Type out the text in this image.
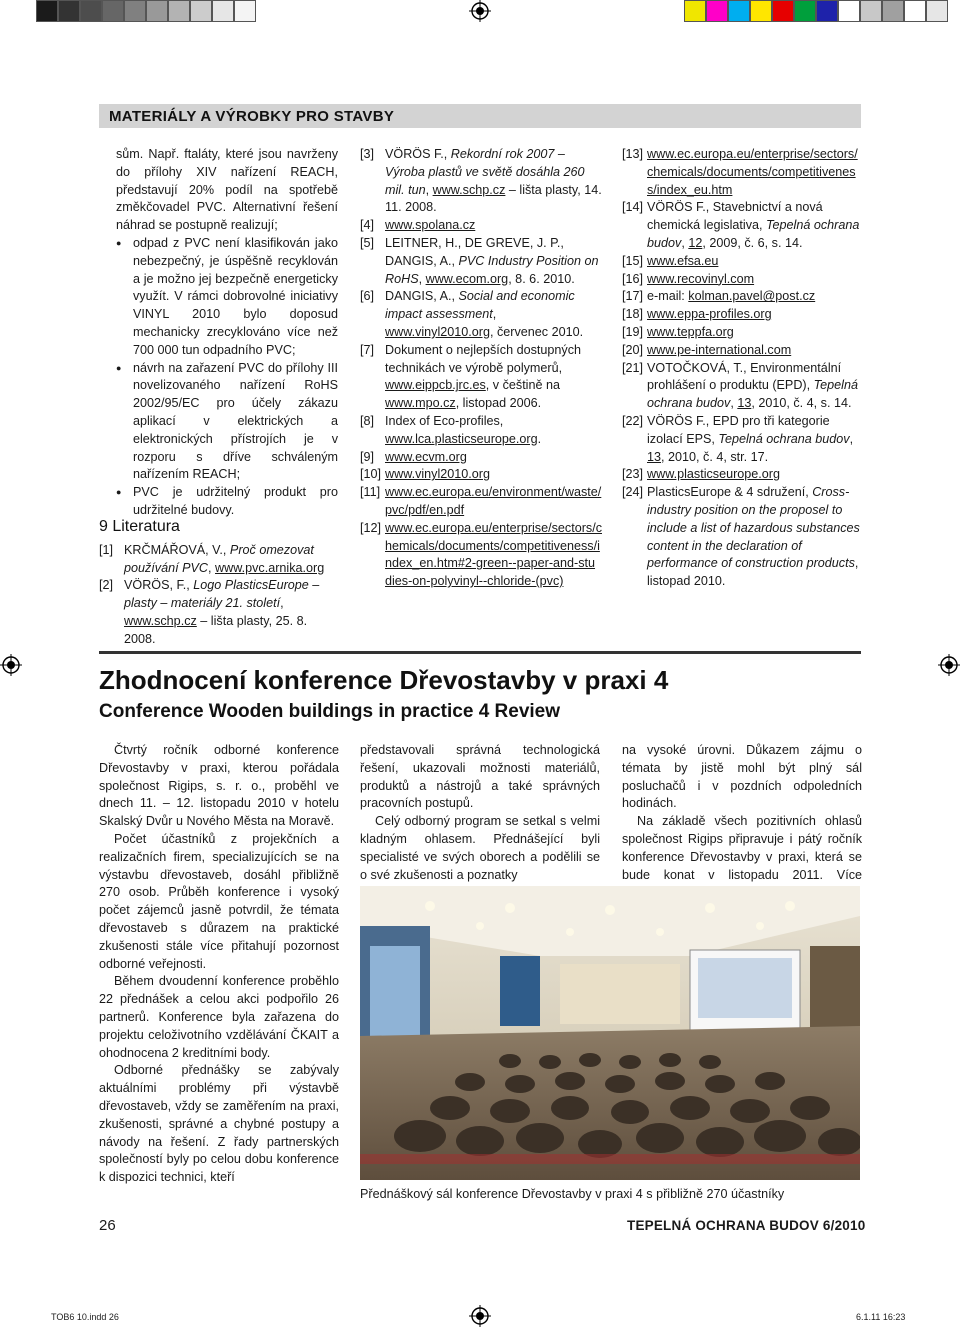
MATERIÁLY A VÝROBKY PRO STAVBY

sům. Např. ftaláty, které jsou navrženy do přílohy XIV nařízení REACH, představují 20% podíl na spotřebě změkčovadel PVC. Alternativní řešení náhrad se postupně realizují;

● odpad z PVC není klasifikován jako nebezpečný, je úspěšně recyklován a je možno jej bezpečně energeticky využít. V rámci dobrovolné iniciativy VINYL 2010 bylo doposud mechanicky zrecyklováno více než 700 000 tun odpadního PVC;

● návrh na zařazení PVC do přílohy III novelizovaného nařízení RoHS 2002/95/EC pro účely zákazu aplikací v elektrických a elektronických přístrojích je v rozporu s dříve schváleným nařízením REACH;

● PVC je udržitelný produkt pro udržitelné budovy.

9 Literatura

[1] KRČMÁŘOVÁ, V., Proč omezovat používání PVC, www.pvc.arnika.org

[2] VÖRÖS, F., Logo PlasticsEurope – plasty – materiály 21. století, www.schp.cz – lišta plasty, 25. 8. 2008.

[3] VÖRÖS F., Rekordní rok 2007 – Výroba plastů ve světě dosáhla 260 mil. tun, www.schp.cz – lišta plasty, 14. 11. 2008.

[4] www.spolana.cz

[5] LEITNER, H., DE GREVE, J. P., DANGIS, A., PVC Industry Position on RoHS, www.ecom.org, 8. 6. 2010.

[6] DANGIS, A., Social and economic impact assessment, www.vinyl2010.org, červenec 2010.

[7] Dokument o nejlepších dostupných technikách ve výrobě polymerů, www.eippcb.jrc.es, v češtině na www.mpo.cz, listopad 2006.

[8] Index of Eco-profiles, www.lca.plasticseurope.org.

[9] www.ecvm.org

[10] www.vinyl2010.org

[11] www.ec.europa.eu/environment/waste/pvc/pdf/en.pdf

[12] www.ec.europa.eu/enterprise/sectors/chemicals/documents/competitiveness/index_en.htm#2-green--paper-and-studies-on-polyvinyl--chloride-(pvc)

[13] www.ec.europa.eu/enterprise/sectors/chemicals/documents/competitiveness/index_eu.htm

[14] VÖRÖS F., Stavebnictví a nová chemická legislativa, Tepelná ochrana budov, 12, 2009, č. 6, s. 14.

[15] www.efsa.eu

[16] www.recovinyl.com

[17] e-mail: kolman.pavel@post.cz

[18] www.eppa-profiles.org

[19] www.teppfa.org

[20] www.pe-international.com

[21] VOTOČKOVÁ, T., Environmentální prohlášení o produktu (EPD), Tepelná ochrana budov, 13, 2010, č. 4, s. 14.

[22] VÖRÖS F., EPD pro tři kategorie izolací EPS, Tepelná ochrana budov, 13, 2010, č. 4, str. 17.

[23] www.plasticseurope.org

[24] PlasticsEurope & 4 sdružení, Cross-industry position on the proposel to include a list of hazardous substances content in the declaration of performance of construction products, listopad 2010.

Zhodnocení konference Dřevostavby v praxi 4
Conference Wooden buildings in practice 4 Review

Čtvrtý ročník odborné konference Dřevostavby v praxi, kterou pořádala společnost Rigips, s. r. o., proběhl ve dnech 11. – 12. listopadu 2010 v hotelu Skalský Dvůr u Nového Města na Moravě.

Počet účastníků z projekčních a realizačních firem, specializujících se na výstavbu dřevostaveb, dosáhl přibližně 270 osob. Průběh konference i vysoký počet zájemců jasně potvrdil, že témata dřevostaveb s důrazem na praktické zkušenosti stále více přitahují pozornost odborné veřejnosti.

Během dvoudenní konference proběhlo 22 přednášek a celou akci podpořilo 26 partnerů. Konference byla zařazena do projektu celoživotního vzdělávání ČKAIT a ohodnocena 2 kreditními body.

Odborné přednášky se zabývaly aktuálními problémy při výstavbě dřevostaveb, vždy se zaměřením na praxi, zkušenosti, správné a chybné postupy a návody na řešení. Z řady partnerských společností byly po celou dobu konference k dispozici technici, kteří

představovali správná technologická řešení, ukazovali možnosti materiálů, produktů a nástrojů a také správných pracovních postupů.

Celý odborný program se setkal s velmi kladným ohlasem. Přednášející byli specialisté ve svých oborech a podělili se o své zkušenosti a poznatky

na vysoké úrovni. Důkazem zájmu o témata by jistě mohl být plný sál posluchačů i v pozdních odpoledních hodinách.

Na základě všech pozitivních ohlasů společnost Rigips připravuje i pátý ročník konference Dřevostavby v praxi, která se bude konat v listopadu 2011. Více

Přednáškový sál konference Dřevostavby v praxi 4 s přibližně 270 účastníky
26	TEPELNÁ OCHRANA BUDOV 6/2010
TOB6 10.indd 26	6.1.11 16:23
